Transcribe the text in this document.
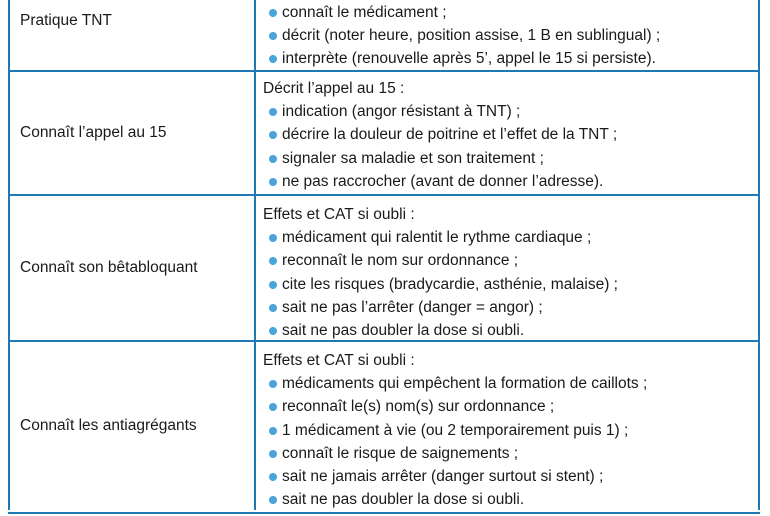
Pratique TNT	connaît le médicament ;
décrit (noter heure, position assise, 1 B en sublingual) ;
interprète (renouvelle après 5’, appel le 15 si persiste).
Connaît l’appel au 15
Décrit l’appel au 15 :
indication (angor résistant à TNT) ;
décrire la douleur de poitrine et l’effet de la TNT ;
signaler sa maladie et son traitement ;
ne pas raccrocher (avant de donner l’adresse).
Connaît son bêtabloquant
Effets et CAT si oubli :
médicament qui ralentit le rythme cardiaque ;
reconnaît le nom sur ordonnance ;
cite les risques (bradycardie, asthénie, malaise) ;
sait ne pas l’arrêter (danger = angor) ;
sait ne pas doubler la dose si oubli.
Connaît les antiagrégants
Effets et CAT si oubli :
médicaments qui empêchent la formation de caillots ;
reconnaît le(s) nom(s) sur ordonnance ;
1 médicament à vie (ou 2 temporairement puis 1) ;
connaît le risque de saignements ;
sait ne jamais arrêter (danger surtout si stent) ;
sait ne pas doubler la dose si oubli.
